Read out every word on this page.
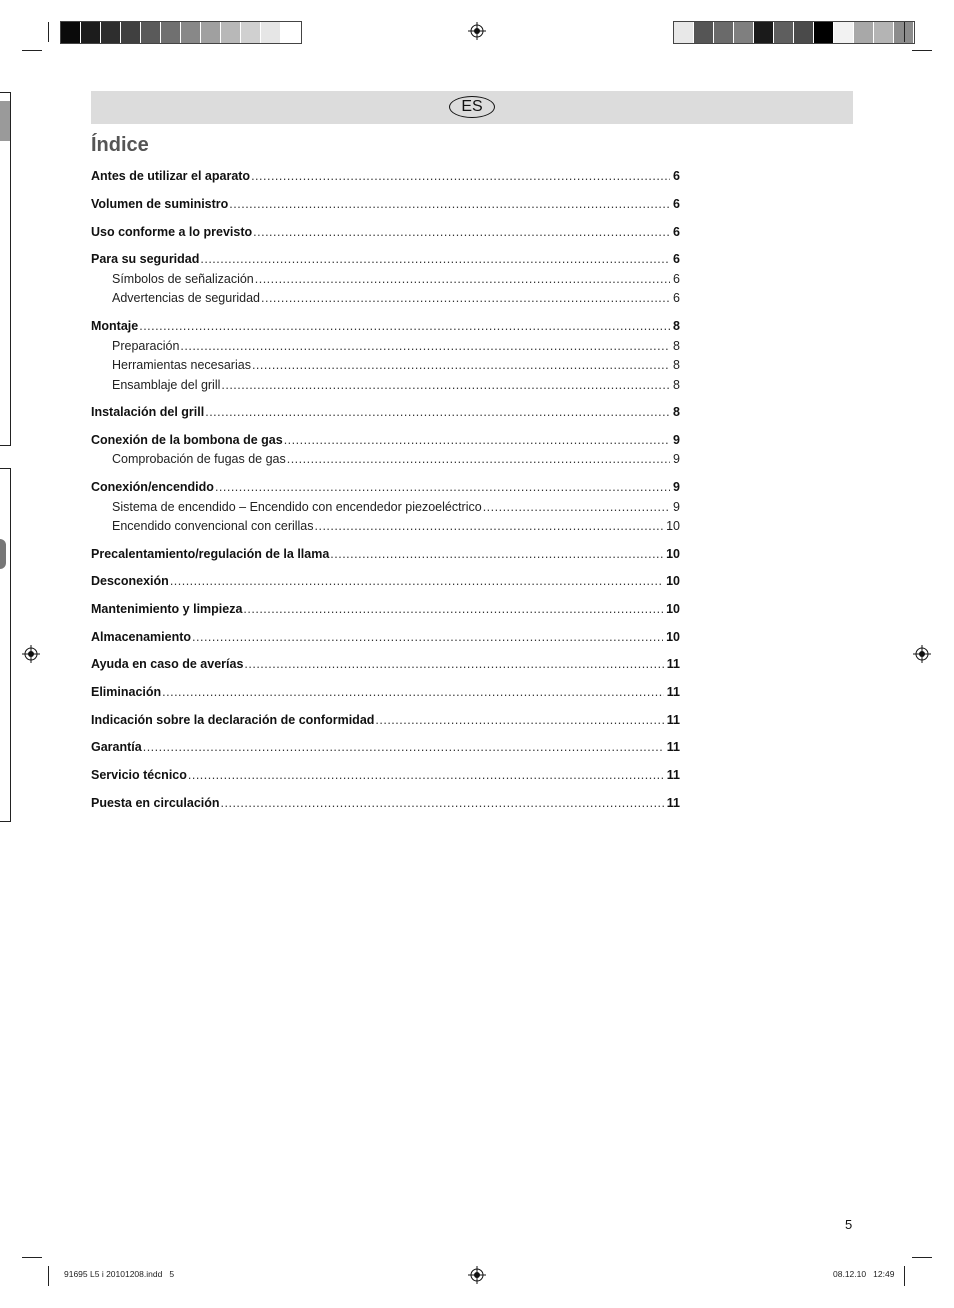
ES
Índice
Antes de utilizar el aparato .....	6
Volumen de suministro .....	6
Uso conforme a lo previsto .....	6
Para su seguridad .....	6
Símbolos de señalización .....	6
Advertencias de seguridad .....	6
Montaje .....	8
Preparación .....	8
Herramientas necesarias .....	8
Ensamblaje del grill .....	8
Instalación del grill .....	8
Conexión de la bombona de gas .....	9
Comprobación de fugas de gas .....	9
Conexión/encendido .....	9
Sistema de encendido – Encendido con encendedor piezoeléctrico .....	9
Encendido convencional con cerillas .....	10
Precalentamiento/regulación de la llama .....	10
Desconexión .....	10
Mantenimiento y limpieza .....	10
Almacenamiento .....	10
Ayuda en caso de averías .....	11
Eliminación .....	11
Indicación sobre la declaración de conformidad .....	11
Garantía .....	11
Servicio técnico .....	11
Puesta en circulación .....	11
5
91695 L5 i 20101208.indd   5	08.12.10   12:49
